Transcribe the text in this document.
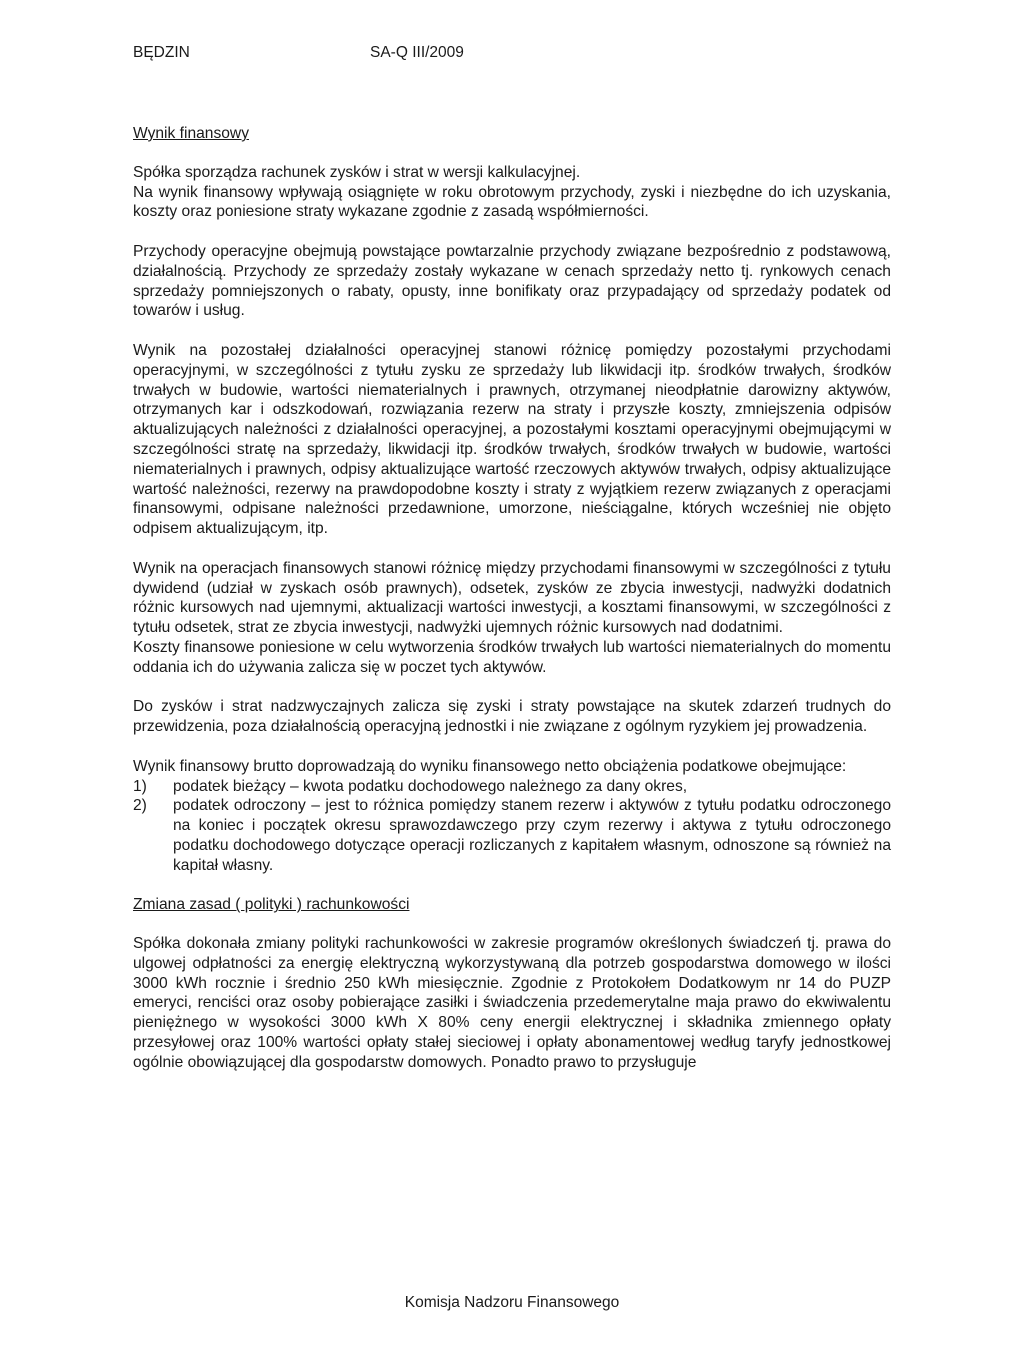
BĘDZIN	SA-Q III/2009
Wynik finansowy
Spółka sporządza rachunek zysków i strat w wersji kalkulacyjnej.
Na wynik finansowy wpływają osiągnięte w roku obrotowym przychody, zyski i niezbędne do ich uzyskania, koszty oraz poniesione straty wykazane zgodnie z zasadą współmierności.
Przychody operacyjne obejmują powstające powtarzalnie przychody związane bezpośrednio z podstawową, działalnością. Przychody ze sprzedaży zostały wykazane w cenach sprzedaży netto tj. rynkowych cenach sprzedaży pomniejszonych o rabaty, opusty, inne bonifikaty oraz przypadający od sprzedaży podatek od towarów i usług.
Wynik na pozostałej działalności operacyjnej stanowi różnicę pomiędzy pozostałymi przychodami operacyjnymi, w szczególności z tytułu zysku ze sprzedaży lub likwidacji itp. środków trwałych, środków trwałych w budowie, wartości niematerialnych i prawnych, otrzymanej nieodpłatnie darowizny aktywów, otrzymanych kar i odszkodowań, rozwiązania rezerw na straty i przyszłe koszty, zmniejszenia odpisów aktualizujących należności z działalności operacyjnej, a pozostałymi kosztami operacyjnymi obejmującymi w szczególności stratę na sprzedaży, likwidacji itp. środków trwałych, środków trwałych w budowie, wartości niematerialnych i prawnych, odpisy aktualizujące wartość rzeczowych aktywów trwałych, odpisy aktualizujące wartość należności, rezerwy na prawdopodobne koszty i straty z wyjątkiem rezerw związanych z operacjami finansowymi, odpisane należności przedawnione, umorzone, nieściągalne, których wcześniej nie objęto odpisem aktualizującym, itp.
Wynik na operacjach finansowych stanowi różnicę między przychodami finansowymi w szczególności z tytułu dywidend (udział w zyskach osób prawnych), odsetek, zysków ze zbycia inwestycji, nadwyżki dodatnich różnic kursowych nad ujemnymi, aktualizacji wartości inwestycji, a kosztami finansowymi, w szczególności z tytułu odsetek, strat ze zbycia inwestycji, nadwyżki ujemnych różnic kursowych nad dodatnimi.
Koszty finansowe poniesione w celu wytworzenia środków trwałych lub wartości niematerialnych do momentu oddania ich do używania zalicza się w poczet tych aktywów.
Do zysków i strat nadzwyczajnych zalicza się zyski i straty powstające na skutek zdarzeń trudnych do przewidzenia, poza działalnością operacyjną jednostki i nie związane z ogólnym ryzykiem jej prowadzenia.
Wynik finansowy brutto doprowadzają do wyniku finansowego netto obciążenia podatkowe obejmujące:
1) podatek bieżący – kwota podatku dochodowego należnego za dany okres,
2) podatek odroczony – jest to różnica pomiędzy stanem rezerw i aktywów z tytułu podatku odroczonego na koniec i początek okresu sprawozdawczego przy czym rezerwy i aktywa z tytułu odroczonego podatku dochodowego dotyczące operacji rozliczanych z kapitałem własnym, odnoszone są również na kapitał własny.
Zmiana zasad ( polityki ) rachunkowości
Spółka dokonała zmiany polityki rachunkowości w zakresie programów określonych świadczeń tj. prawa do ulgowej odpłatności za energię elektryczną wykorzystywaną dla potrzeb gospodarstwa domowego w ilości 3000 kWh rocznie i średnio 250 kWh miesięcznie. Zgodnie z Protokołem Dodatkowym nr 14 do PUZP emeryci, renciści oraz osoby pobierające zasiłki i świadczenia przedemerytalne maja prawo do ekwiwalentu pieniężnego w wysokości 3000 kWh X 80% ceny energii elektrycznej i składnika zmiennego opłaty przesyłowej oraz 100% wartości opłaty stałej sieciowej i opłaty abonamentowej według taryfy jednostkowej ogólnie obowiązującej dla gospodarstw domowych. Ponadto prawo to przysługuje
Komisja Nadzoru Finansowego
